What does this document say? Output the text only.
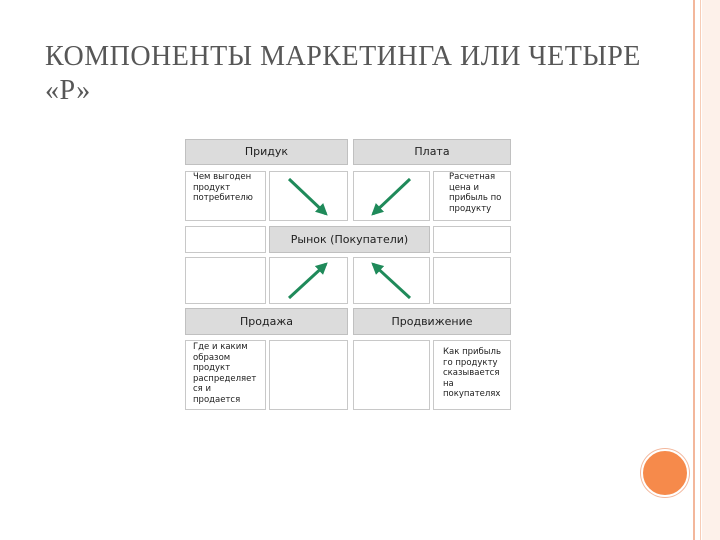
КОМПОНЕНТЫ МАРКЕТИНГА ИЛИ ЧЕТЫРЕ «Р»
Придук	Плата
Чем выгоден
продукт
потребителю
Расчетная
цена и
прибыль по
продукту
Рынок (Покупатели)
Продажа	Продвижение
Где и каким
образом
продукт
распределяет
ся и
продается
Как прибыль
го продукту
сказывается
на
покупателях
